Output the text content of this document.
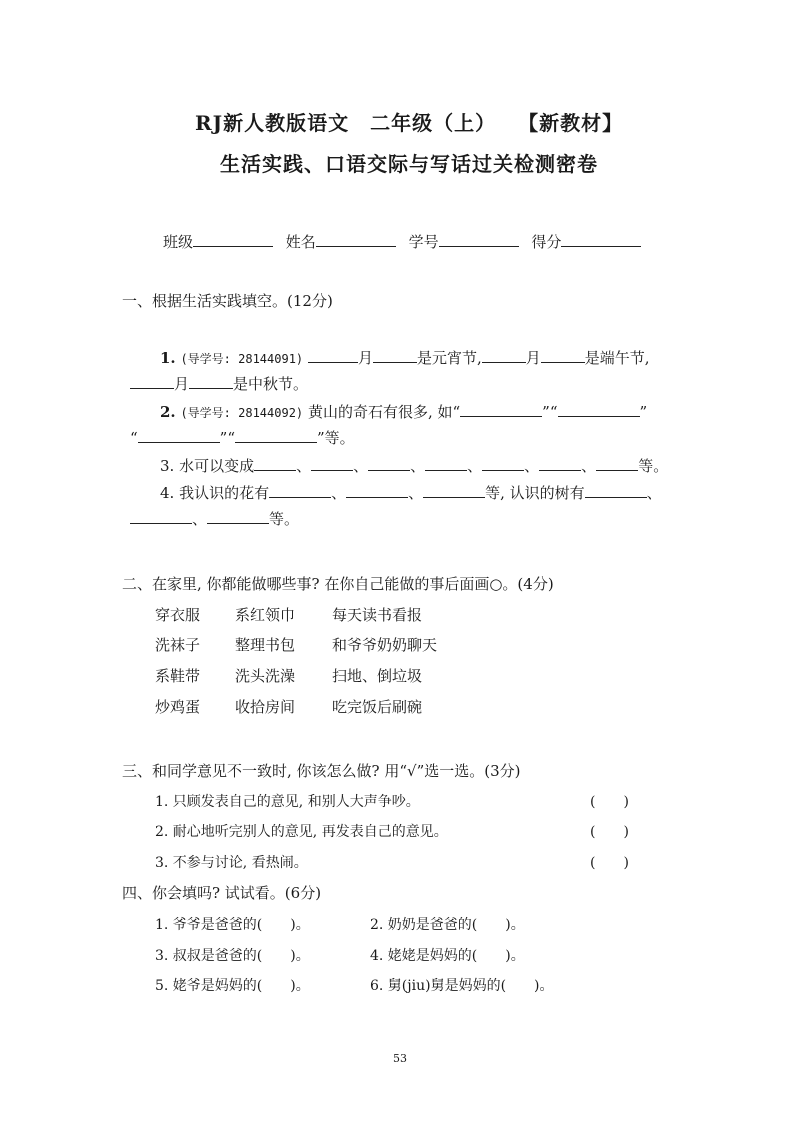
RJ新人教版语文　二年级（上）　　【新教材】
生活实践、口语交际与写话过关检测密卷
班级	姓名	学号	得分
一、根据生活实践填空。(12分)
1. (导学号: 28144091)	月	是元宵节,	月	是端午节,
月	是中秋节。
2. (导学号: 28144092) 黄山的奇石有很多, 如“	”“	”
“	”“	”等。
3. 水可以变成	、	、	、	、	、	、	等。
4. 我认识的花有	、	、	等, 认识的树有	、
、	等。
二、在家里, 你都能做哪些事? 在你自己能做的事后面画○。(4分)
穿衣服 系红领巾 每天读书看报
洗袜子 整理书包 和爷爷奶奶聊天
系鞋带 洗头洗澡 扫地、倒垃圾
炒鸡蛋 收拾房间 吃完饭后刷碗
三、和同学意见不一致时, 你该怎么做? 用“√”选一选。(3分)
1. 只顾发表自己的意见, 和别人大声争吵。	(　　)
2. 耐心地听完别人的意见, 再发表自己的意见。	(　　)
3. 不参与讨论, 看热闹。	(　　)
四、你会填吗? 试试看。(6分)
1. 爷爷是爸爸的(　　)。	2. 奶奶是爸爸的(　　)。
3. 叔叔是爸爸的(　　)。	4. 姥姥是妈妈的(　　)。
5. 姥爷是妈妈的(　　)。	6. 舅(jiu)舅是妈妈的(　　)。
53
